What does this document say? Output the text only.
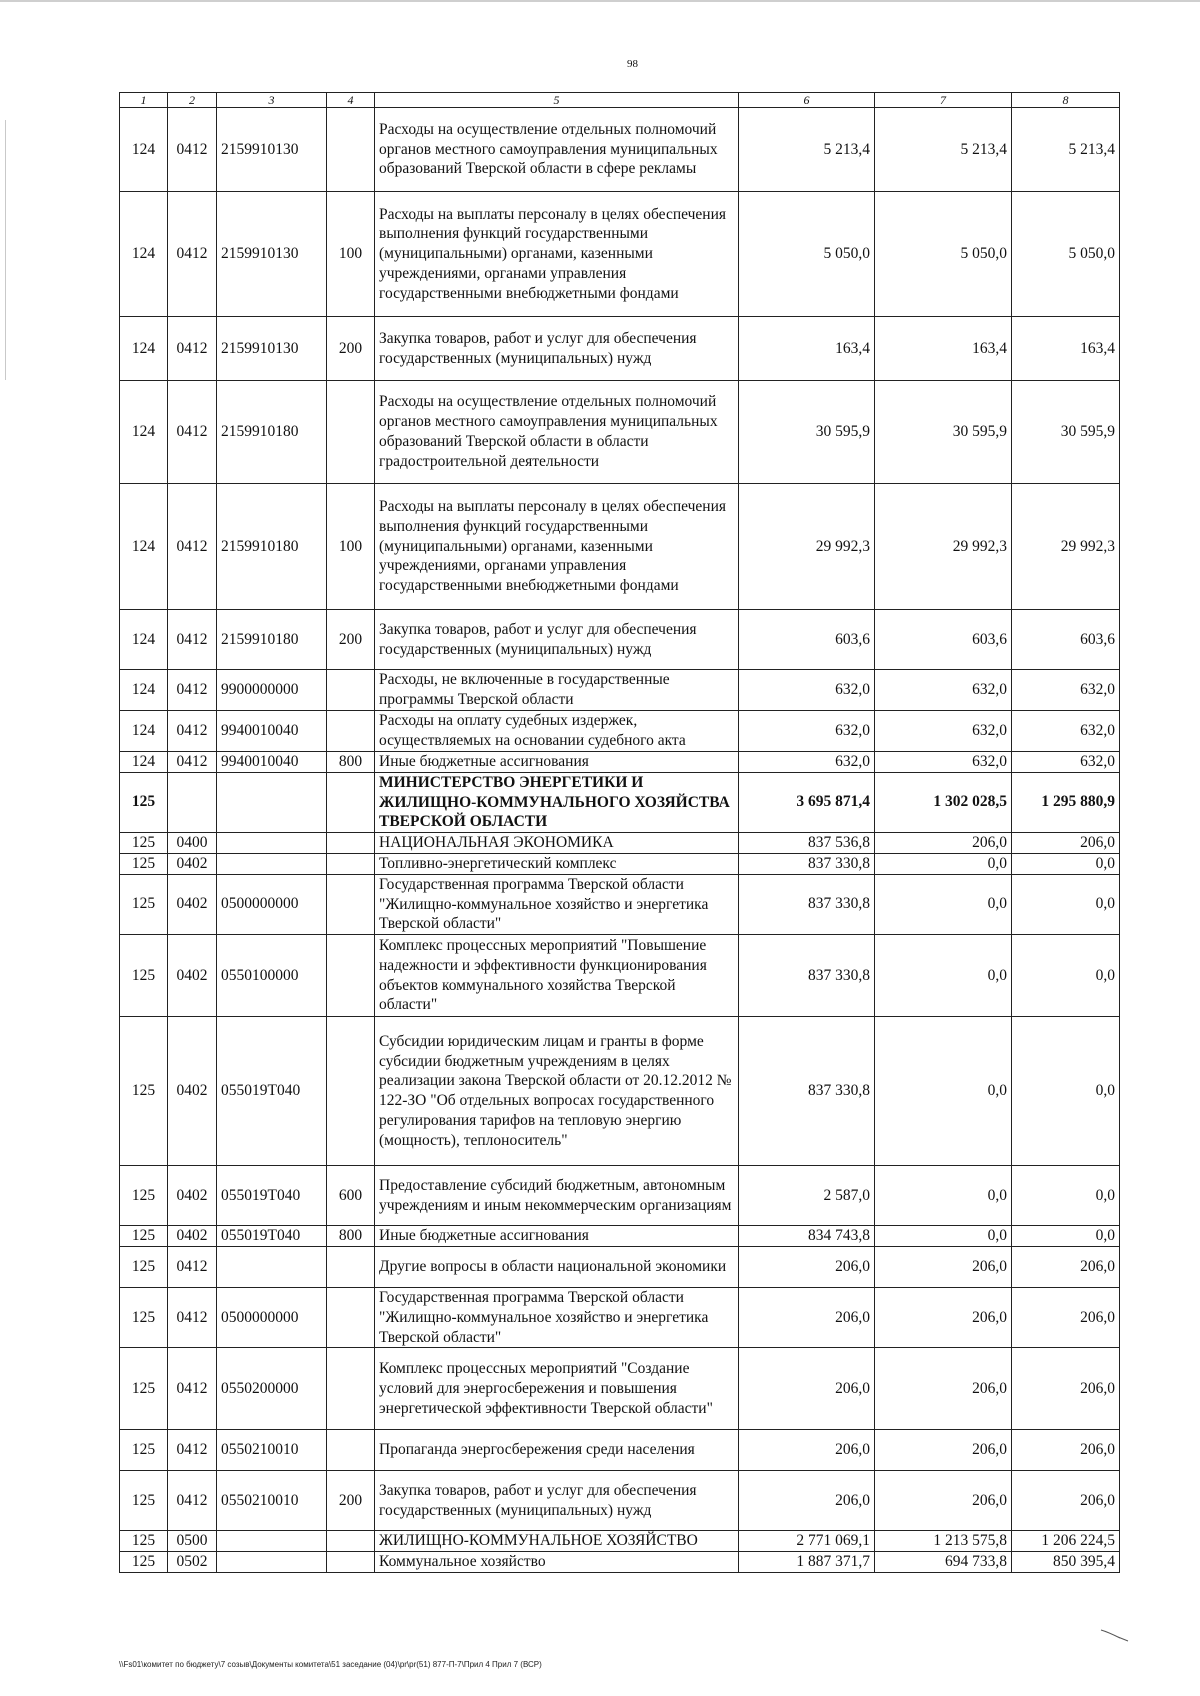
98
1	2	3	4	5	6	7	8
124	0412	2159910130		Расходы на осуществление отдельных полномочий органов местного самоуправления муниципальных образований Тверской области в сфере рекламы	5 213,4	5 213,4	5 213,4
124	0412	2159910130	100	Расходы на выплаты персоналу в целях обеспечения выполнения функций государственными (муниципальными) органами, казенными учреждениями, органами управления государственными внебюджетными фондами	5 050,0	5 050,0	5 050,0
124	0412	2159910130	200	Закупка товаров, работ и услуг для обеспечения государственных (муниципальных) нужд	163,4	163,4	163,4
124	0412	2159910180		Расходы на осуществление отдельных полномочий органов местного самоуправления муниципальных образований Тверской области в области градостроительной деятельности	30 595,9	30 595,9	30 595,9
124	0412	2159910180	100	Расходы на выплаты персоналу в целях обеспечения выполнения функций государственными (муниципальными) органами, казенными учреждениями, органами управления государственными внебюджетными фондами	29 992,3	29 992,3	29 992,3
124	0412	2159910180	200	Закупка товаров, работ и услуг для обеспечения государственных (муниципальных) нужд	603,6	603,6	603,6
124	0412	9900000000		Расходы, не включенные в государственные программы Тверской области	632,0	632,0	632,0
124	0412	9940010040		Расходы на оплату судебных издержек, осуществляемых на основании судебного акта	632,0	632,0	632,0
124	0412	9940010040	800	Иные бюджетные ассигнования	632,0	632,0	632,0
125				МИНИСТЕРСТВО ЭНЕРГЕТИКИ И ЖИЛИЩНО-КОММУНАЛЬНОГО ХОЗЯЙСТВА ТВЕРСКОЙ ОБЛАСТИ	3 695 871,4	1 302 028,5	1 295 880,9
125	0400			НАЦИОНАЛЬНАЯ ЭКОНОМИКА	837 536,8	206,0	206,0
125	0402			Топливно-энергетический комплекс	837 330,8	0,0	0,0
125	0402	0500000000		Государственная программа Тверской области "Жилищно-коммунальное хозяйство и энергетика Тверской области"	837 330,8	0,0	0,0
125	0402	0550100000		Комплекс процессных мероприятий "Повышение надежности и эффективности функционирования объектов коммунального хозяйства Тверской области"	837 330,8	0,0	0,0
125	0402	055019Т040		Субсидии юридическим лицам и гранты в форме субсидии бюджетным учреждениям в целях реализации закона Тверской области от 20.12.2012 № 122-ЗО "Об отдельных вопросах государственного регулирования тарифов на тепловую энергию (мощность), теплоноситель"	837 330,8	0,0	0,0
125	0402	055019Т040	600	Предоставление субсидий бюджетным, автономным учреждениям и иным некоммерческим организациям	2 587,0	0,0	0,0
125	0402	055019Т040	800	Иные бюджетные ассигнования	834 743,8	0,0	0,0
125	0412			Другие вопросы в области национальной экономики	206,0	206,0	206,0
125	0412	0500000000		Государственная программа Тверской области "Жилищно-коммунальное хозяйство и энергетика Тверской области"	206,0	206,0	206,0
125	0412	0550200000		Комплекс процессных мероприятий "Создание условий для энергосбережения и повышения энергетической эффективности Тверской области"	206,0	206,0	206,0
125	0412	0550210010		Пропаганда энергосбережения среди населения	206,0	206,0	206,0
125	0412	0550210010	200	Закупка товаров, работ и услуг для обеспечения государственных (муниципальных) нужд	206,0	206,0	206,0
125	0500			ЖИЛИЩНО-КОММУНАЛЬНОЕ ХОЗЯЙСТВО	2 771 069,1	1 213 575,8	1 206 224,5
125	0502			Коммунальное хозяйство	1 887 371,7	694 733,8	850 395,4
\\Fs01\комитет по бюджету\7 созыв\Документы комитета\51 заседание (04)\pr\pr(51) 877-П-7\Прил 4 Прил 7 (ВСР)
